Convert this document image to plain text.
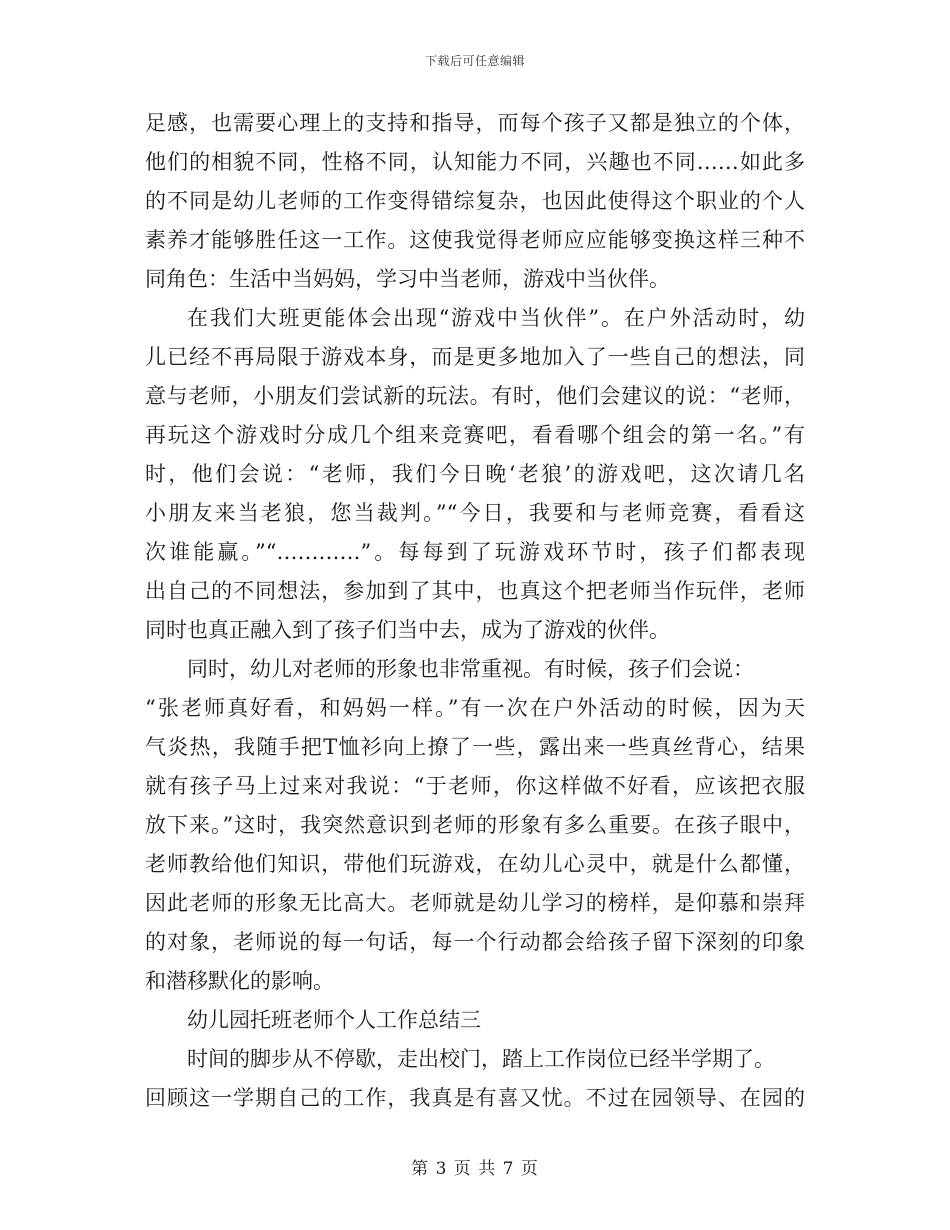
下载后可任意编辑
足感，也需要心理上的支持和指导，而每个孩子又都是独立的个体，
他们的相貌不同，性格不同，认知能力不同，兴趣也不同……如此多
的不同是幼儿老师的工作变得错综复杂，也因此使得这个职业的个人
素养才能够胜任这一工作。这使我觉得老师应应能够变换这样三种不
同角色：生活中当妈妈，学习中当老师，游戏中当伙伴。
在我们大班更能体会出现“游戏中当伙伴”。在户外活动时，幼
儿已经不再局限于游戏本身，而是更多地加入了一些自己的想法，同
意与老师，小朋友们尝试新的玩法。有时，他们会建议的说：“老师，
再玩这个游戏时分成几个组来竞赛吧，看看哪个组会的第一名。”有
时，他们会说：“老师，我们今日晚‘老狼’的游戏吧，这次请几名
小朋友来当老狼，您当裁判。”“今日，我要和与老师竞赛，看看这
次谁能赢。”“…………”。每每到了玩游戏环节时，孩子们都表现
出自己的不同想法，参加到了其中，也真这个把老师当作玩伴，老师
同时也真正融入到了孩子们当中去，成为了游戏的伙伴。
同时，幼儿对老师的形象也非常重视。有时候，孩子们会说：
“张老师真好看，和妈妈一样。”有一次在户外活动的时候，因为天
气炎热，我随手把T恤衫向上撩了一些，露出来一些真丝背心，结果
就有孩子马上过来对我说：“于老师，你这样做不好看，应该把衣服
放下来。”这时，我突然意识到老师的形象有多么重要。在孩子眼中，
老师教给他们知识，带他们玩游戏，在幼儿心灵中，就是什么都懂，
因此老师的形象无比高大。老师就是幼儿学习的榜样，是仰慕和崇拜
的对象，老师说的每一句话，每一个行动都会给孩子留下深刻的印象
和潜移默化的影响。
幼儿园托班老师个人工作总结三
时间的脚步从不停歇，走出校门，踏上工作岗位已经半学期了。
回顾这一学期自己的工作，我真是有喜又忧。不过在园领导、在园的
第 3 页 共 7 页
